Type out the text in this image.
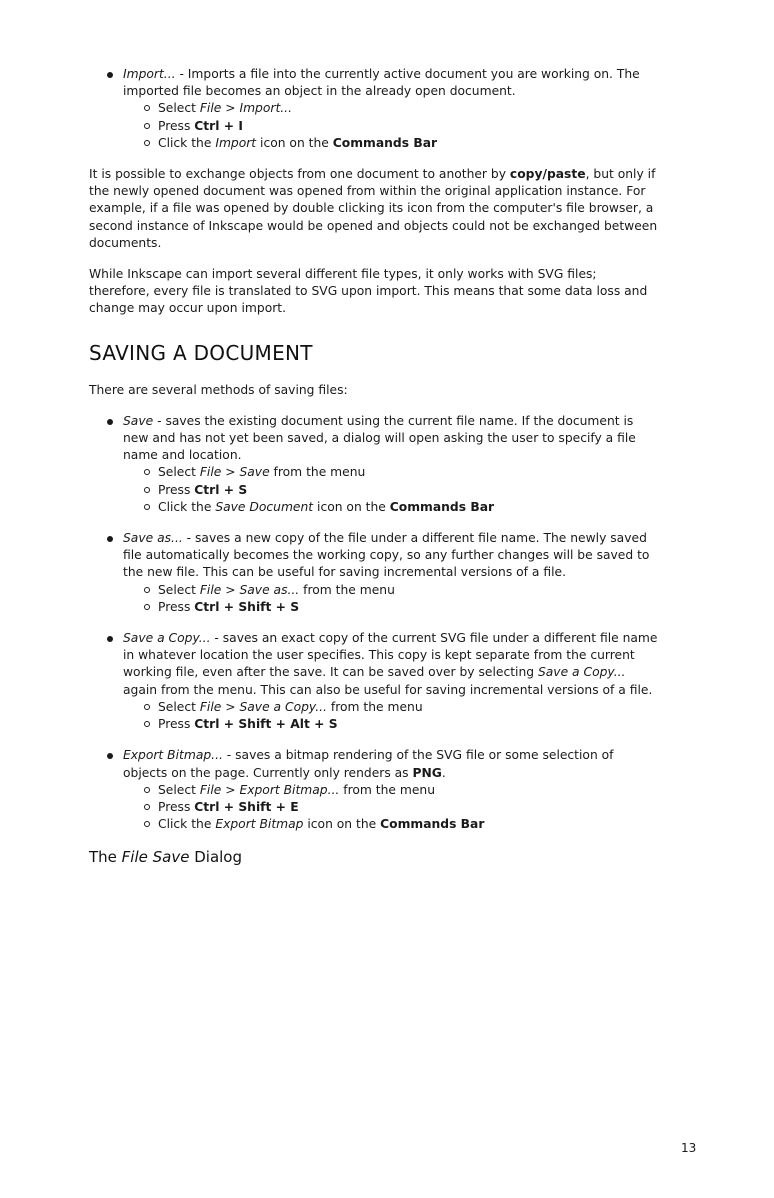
Import... - Imports a file into the currently active document you are working on. The imported file becomes an object in the already open document.
Select File > Import...
Press Ctrl + I
Click the Import icon on the Commands Bar

It is possible to exchange objects from one document to another by copy/paste, but only if the newly opened document was opened from within the original application instance. For example, if a file was opened by double clicking its icon from the computer's file browser, a second instance of Inkscape would be opened and objects could not be exchanged between documents.

While Inkscape can import several different file types, it only works with SVG files; therefore, every file is translated to SVG upon import. This means that some data loss and change may occur upon import.

SAVING A DOCUMENT

There are several methods of saving files:

Save - saves the existing document using the current file name. If the document is new and has not yet been saved, a dialog will open asking the user to specify a file name and location.
Select File > Save from the menu
Press Ctrl + S
Click the Save Document icon on the Commands Bar
Save as... - saves a new copy of the file under a different file name. The newly saved file automatically becomes the working copy, so any further changes will be saved to the new file. This can be useful for saving incremental versions of a file.
Select File > Save as... from the menu
Press Ctrl + Shift + S
Save a Copy... - saves an exact copy of the current SVG file under a different file name in whatever location the user specifies. This copy is kept separate from the current working file, even after the save. It can be saved over by selecting Save a Copy... again from the menu. This can also be useful for saving incremental versions of a file.
Select File > Save a Copy... from the menu
Press Ctrl + Shift + Alt + S
Export Bitmap... - saves a bitmap rendering of the SVG file or some selection of objects on the page. Currently only renders as PNG.
Select File > Export Bitmap... from the menu
Press Ctrl + Shift + E
Click the Export Bitmap icon on the Commands Bar
The File Save Dialog
13
